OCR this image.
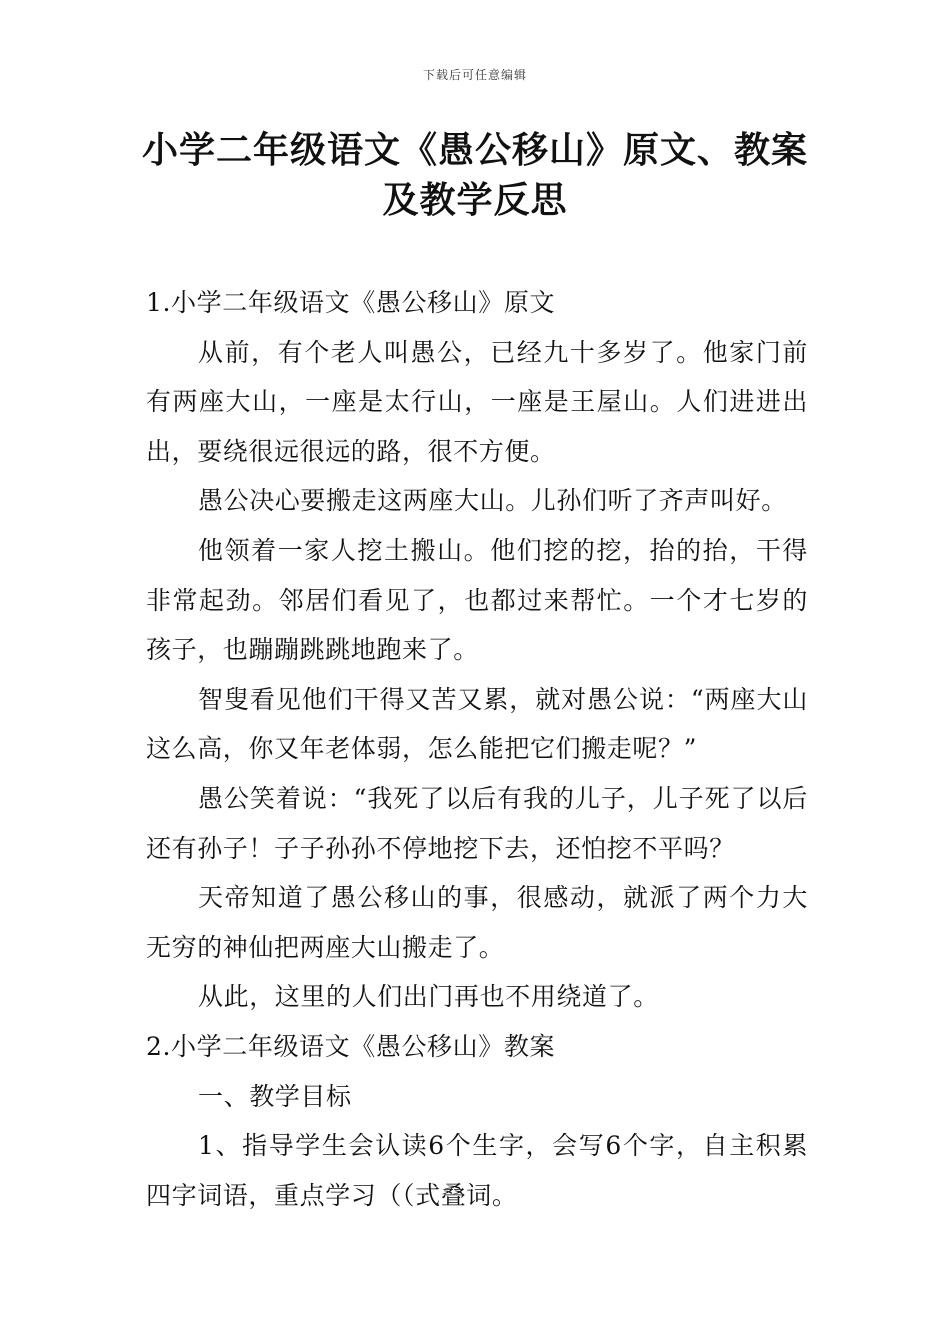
下载后可任意编辑
小学二年级语文《愚公移山》原文、教案
及教学反思

1.小学二年级语文《愚公移山》原文

从前，有个老人叫愚公，已经九十多岁了。他家门前有两座大山，一座是太行山，一座是王屋山。人们进进出出，要绕很远很远的路，很不方便。

愚公决心要搬走这两座大山。儿孙们听了齐声叫好。

他领着一家人挖土搬山。他们挖的挖，抬的抬，干得非常起劲。邻居们看见了，也都过来帮忙。一个才七岁的孩子，也蹦蹦跳跳地跑来了。

智叟看见他们干得又苦又累，就对愚公说：“两座大山这么高，你又年老体弱，怎么能把它们搬走呢？”

愚公笑着说：“我死了以后有我的儿子，儿子死了以后还有孙子！子子孙孙不停地挖下去，还怕挖不平吗？

天帝知道了愚公移山的事，很感动，就派了两个力大无穷的神仙把两座大山搬走了。

从此，这里的人们出门再也不用绕道了。

2.小学二年级语文《愚公移山》教案

一、教学目标

1、指导学生会认读6个生字，会写6个字，自主积累四字词语，重点学习（（式叠词。
